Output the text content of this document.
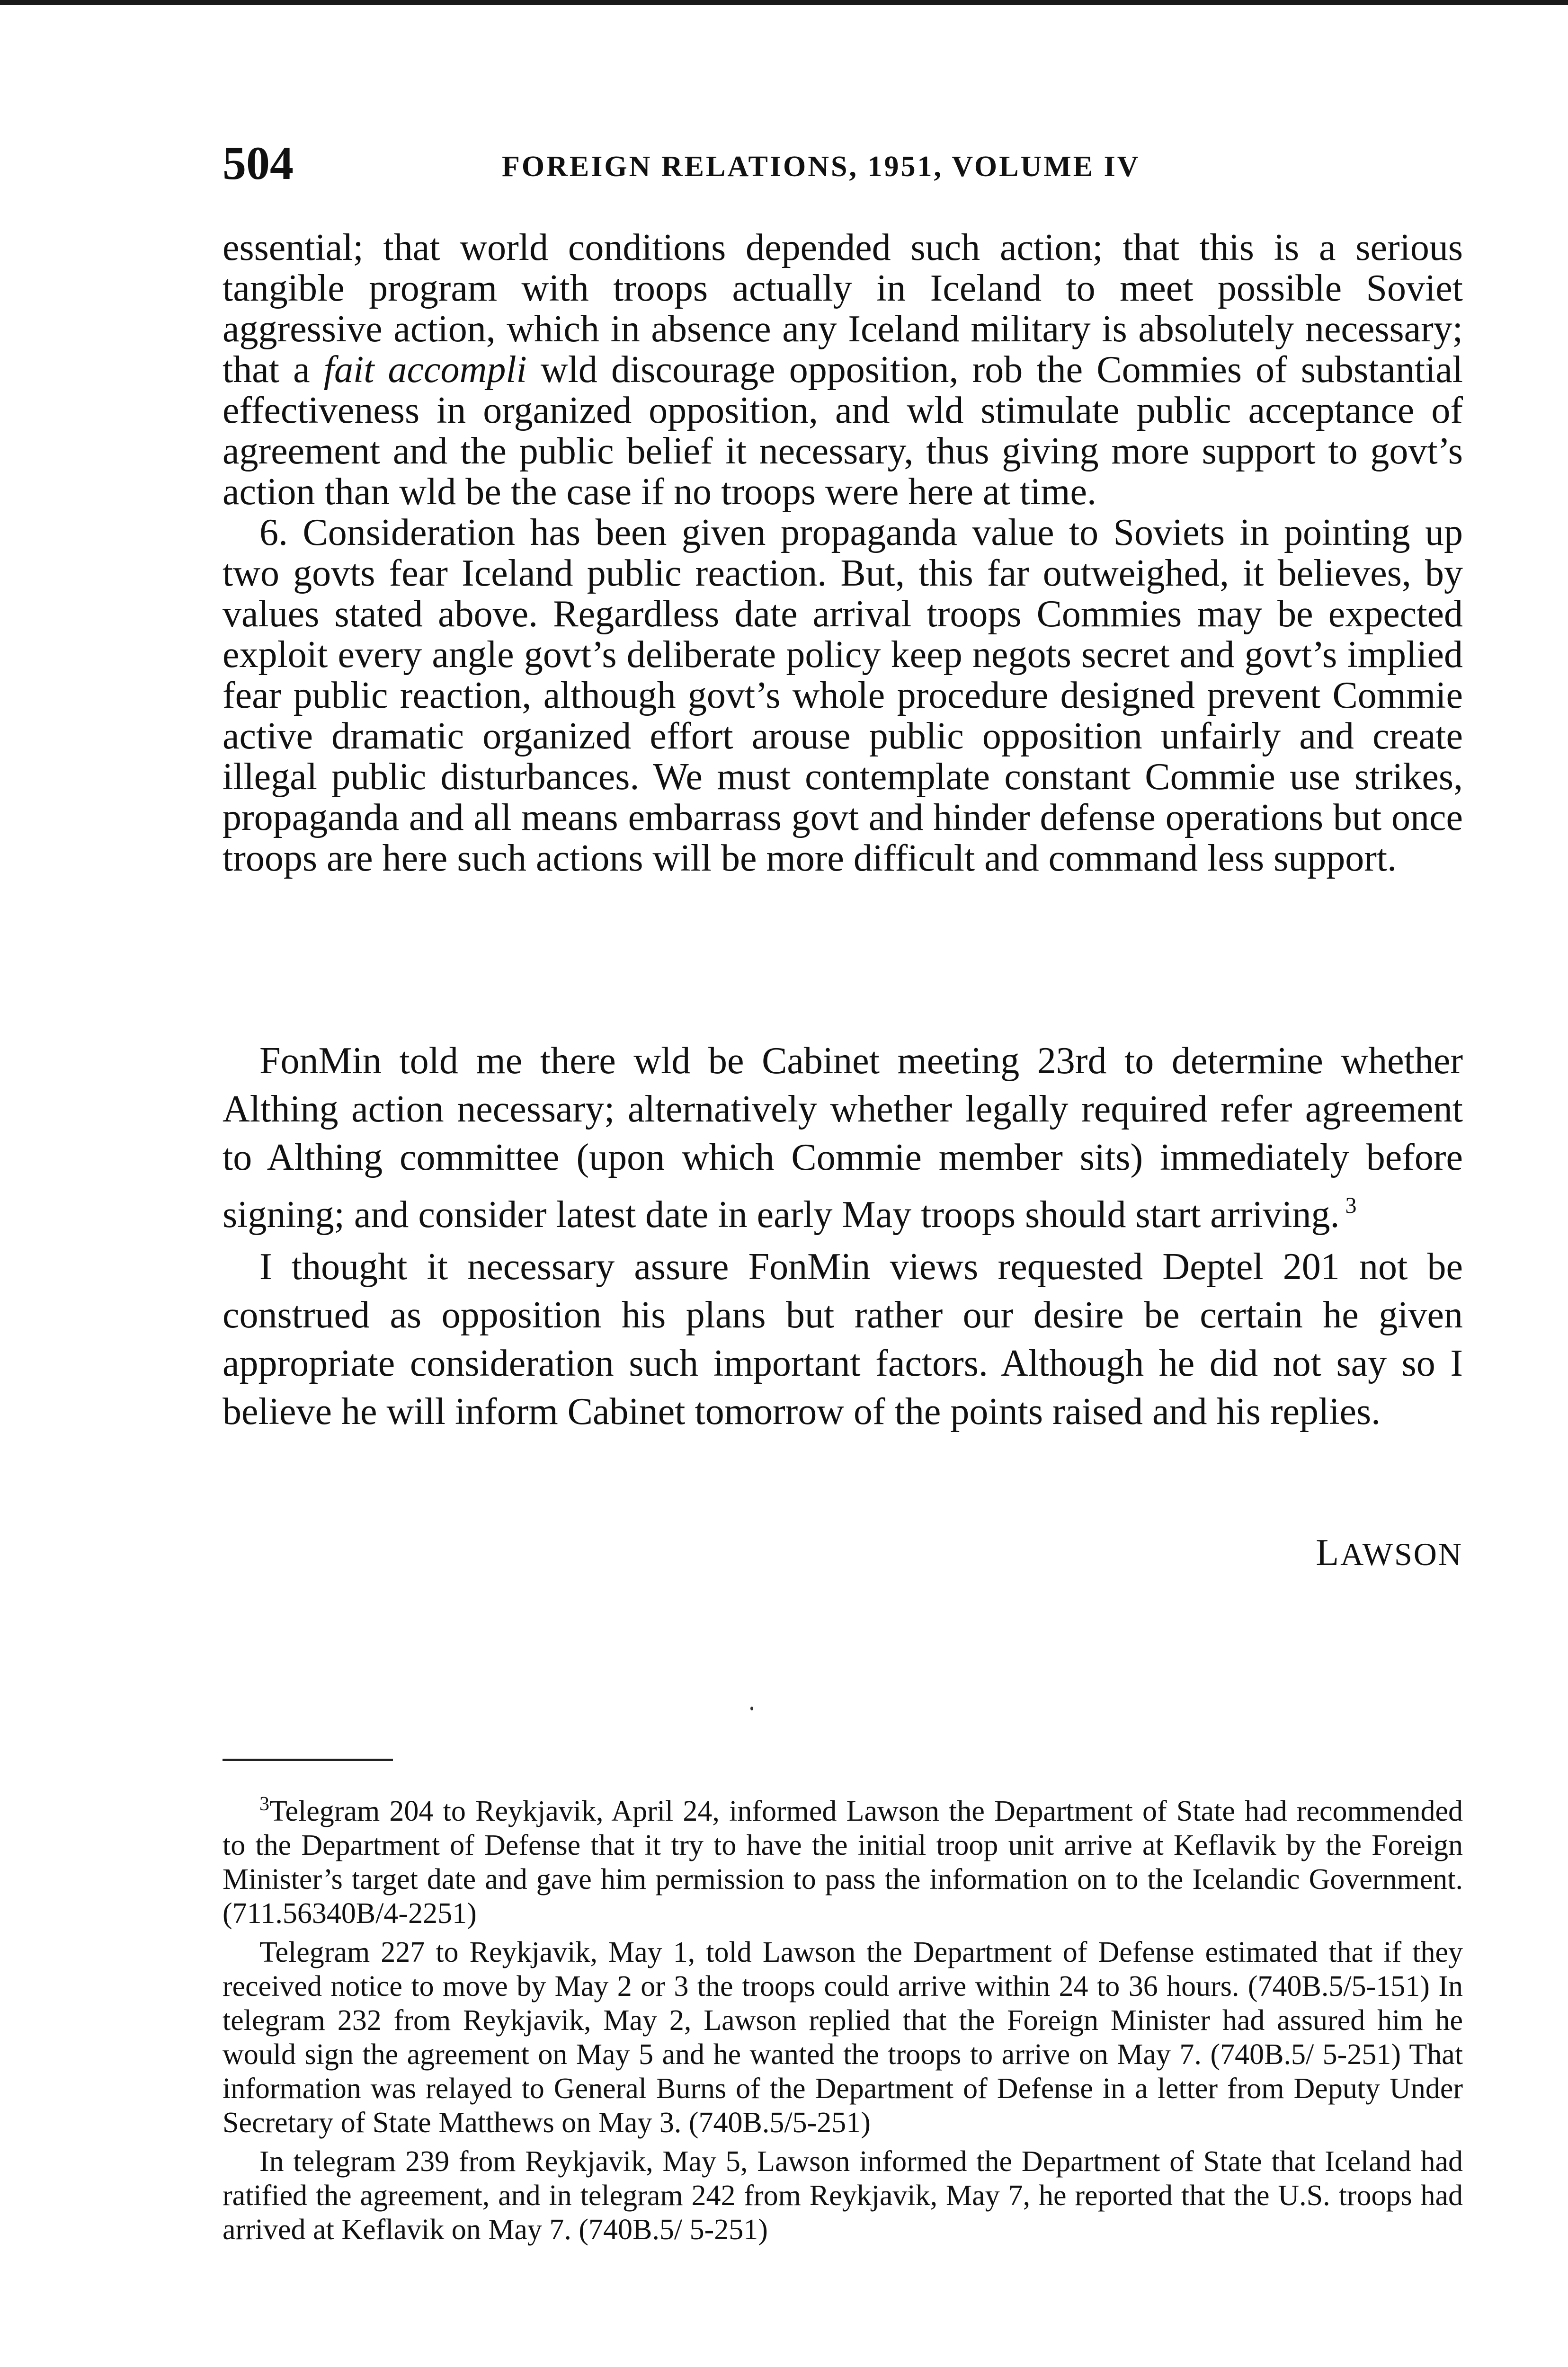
504	FOREIGN RELATIONS, 1951, VOLUME IV

essential; that world conditions depended such action; that this is a serious tangible program with troops actually in Iceland to meet possible Soviet aggressive action, which in absence any Iceland military is absolutely necessary; that a fait accompli wld discourage opposition, rob the Commies of substantial effectiveness in organized opposition, and wld stimulate public acceptance of agreement and the public belief it necessary, thus giving more support to govt’s action than wld be the case if no troops were here at time.

6. Consideration has been given propaganda value to Soviets in pointing up two govts fear Iceland public reaction. But, this far outweighed, it believes, by values stated above. Regardless date arrival troops Commies may be expected exploit every angle govt’s deliberate policy keep negots secret and govt’s implied fear public reaction, although govt’s whole procedure designed prevent Commie active dramatic organized effort arouse public opposition unfairly and create illegal public disturbances. We must contemplate constant Commie use strikes, propaganda and all means embarrass govt and hinder defense operations but once troops are here such actions will be more difficult and command less support.

FonMin told me there wld be Cabinet meeting 23rd to determine whether Althing action necessary; alternatively whether legally required refer agreement to Althing committee (upon which Commie member sits) immediately before signing; and consider latest date in early May troops should start arriving. $^3$

I thought it necessary assure FonMin views requested Deptel 201 not be construed as opposition his plans but rather our desire be certain he given appropriate consideration such important factors. Although he did not say so I believe he will inform Cabinet tomorrow of the points raised and his replies.

LAWSON

$^3$Telegram 204 to Reykjavik, April 24, informed Lawson the Department of State had recommended to the Department of Defense that it try to have the initial troop unit arrive at Keflavik by the Foreign Minister’s target date and gave him permission to pass the information on to the Icelandic Government. (711.56340B/4-2251)

Telegram 227 to Reykjavik, May 1, told Lawson the Department of Defense estimated that if they received notice to move by May 2 or 3 the troops could arrive within 24 to 36 hours. (740B.5/5-151) In telegram 232 from Reykjavik, May 2, Lawson replied that the Foreign Minister had assured him he would sign the agreement on May 5 and he wanted the troops to arrive on May 7. (740B.5/ 5-251) That information was relayed to General Burns of the Department of Defense in a letter from Deputy Under Secretary of State Matthews on May 3. (740B.5/5-251)

In telegram 239 from Reykjavik, May 5, Lawson informed the Department of State that Iceland had ratified the agreement, and in telegram 242 from Reykjavik, May 7, he reported that the U.S. troops had arrived at Keflavik on May 7. (740B.5/ 5-251)
